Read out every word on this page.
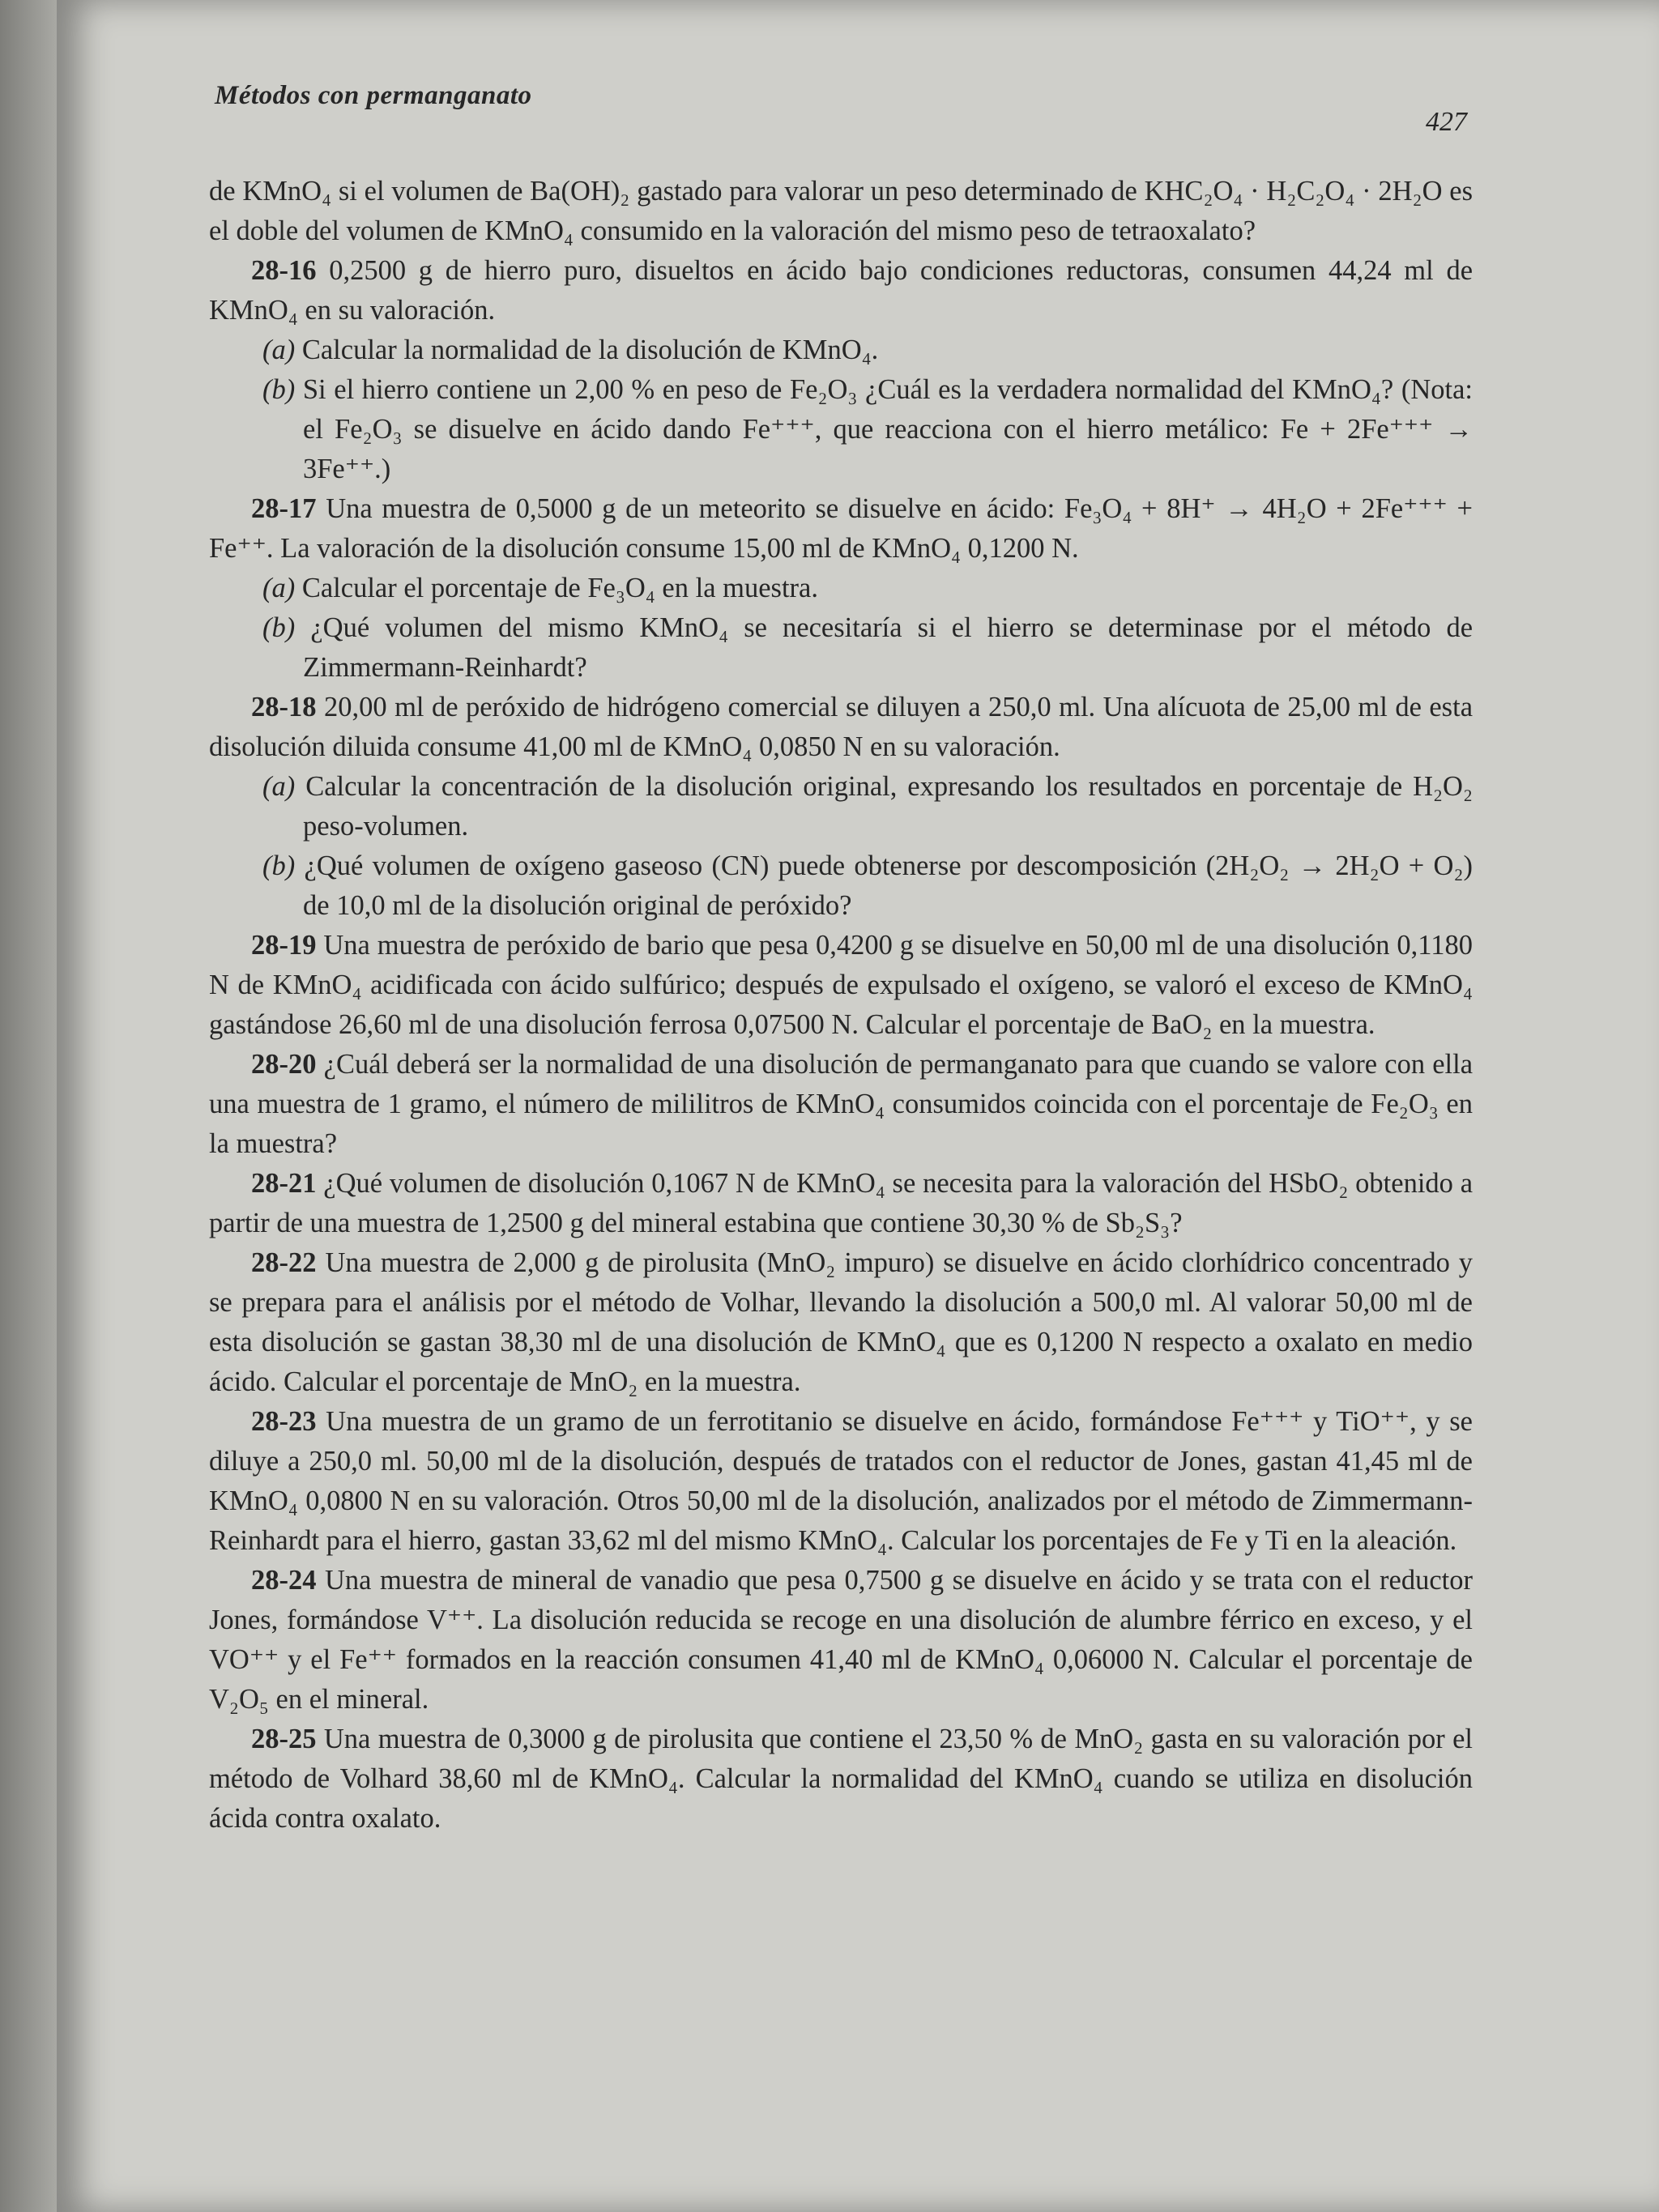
Métodos con permanganato
427

de KMnO₄ si el volumen de Ba(OH)₂ gastado para valorar un peso determinado de KHC₂O₄ · H₂C₂O₄ · 2H₂O es el doble del volumen de KMnO₄ consumido en la valoración del mismo peso de tetraoxalato?

28-16 0,2500 g de hierro puro, disueltos en ácido bajo condiciones reductoras, consumen 44,24 ml de KMnO₄ en su valoración.

(a) Calcular la normalidad de la disolución de KMnO₄.

(b) Si el hierro contiene un 2,00 % en peso de Fe₂O₃ ¿Cuál es la verdadera normalidad del KMnO₄? (Nota: el Fe₂O₃ se disuelve en ácido dando Fe⁺⁺⁺, que reacciona con el hierro metálico: Fe + 2Fe⁺⁺⁺ → 3Fe⁺⁺.)

28-17 Una muestra de 0,5000 g de un meteorito se disuelve en ácido: Fe₃O₄ + 8H⁺ → 4H₂O + 2Fe⁺⁺⁺ + Fe⁺⁺. La valoración de la disolución consume 15,00 ml de KMnO₄ 0,1200 N.

(a) Calcular el porcentaje de Fe₃O₄ en la muestra.

(b) ¿Qué volumen del mismo KMnO₄ se necesitaría si el hierro se determinase por el método de Zimmermann-Reinhardt?

28-18 20,00 ml de peróxido de hidrógeno comercial se diluyen a 250,0 ml. Una alícuota de 25,00 ml de esta disolución diluida consume 41,00 ml de KMnO₄ 0,0850 N en su valoración.

(a) Calcular la concentración de la disolución original, expresando los resultados en porcentaje de H₂O₂ peso-volumen.

(b) ¿Qué volumen de oxígeno gaseoso (CN) puede obtenerse por descomposición (2H₂O₂ → 2H₂O + O₂) de 10,0 ml de la disolución original de peróxido?

28-19 Una muestra de peróxido de bario que pesa 0,4200 g se disuelve en 50,00 ml de una disolución 0,1180 N de KMnO₄ acidificada con ácido sulfúrico; después de expulsado el oxígeno, se valoró el exceso de KMnO₄ gastándose 26,60 ml de una disolución ferrosa 0,07500 N. Calcular el porcentaje de BaO₂ en la muestra.

28-20 ¿Cuál deberá ser la normalidad de una disolución de permanganato para que cuando se valore con ella una muestra de 1 gramo, el número de mililitros de KMnO₄ consumidos coincida con el porcentaje de Fe₂O₃ en la muestra?

28-21 ¿Qué volumen de disolución 0,1067 N de KMnO₄ se necesita para la valoración del HSbO₂ obtenido a partir de una muestra de 1,2500 g del mineral estabina que contiene 30,30 % de Sb₂S₃?

28-22 Una muestra de 2,000 g de pirolusita (MnO₂ impuro) se disuelve en ácido clorhídrico concentrado y se prepara para el análisis por el método de Volhar, llevando la disolución a 500,0 ml. Al valorar 50,00 ml de esta disolución se gastan 38,30 ml de una disolución de KMnO₄ que es 0,1200 N respecto a oxalato en medio ácido. Calcular el porcentaje de MnO₂ en la muestra.

28-23 Una muestra de un gramo de un ferrotitanio se disuelve en ácido, formándose Fe⁺⁺⁺ y TiO⁺⁺, y se diluye a 250,0 ml. 50,00 ml de la disolución, después de tratados con el reductor de Jones, gastan 41,45 ml de KMnO₄ 0,0800 N en su valoración. Otros 50,00 ml de la disolución, analizados por el método de Zimmermann-Reinhardt para el hierro, gastan 33,62 ml del mismo KMnO₄. Calcular los porcentajes de Fe y Ti en la aleación.

28-24 Una muestra de mineral de vanadio que pesa 0,7500 g se disuelve en ácido y se trata con el reductor Jones, formándose V⁺⁺. La disolución reducida se recoge en una disolución de alumbre férrico en exceso, y el VO⁺⁺ y el Fe⁺⁺ formados en la reacción consumen 41,40 ml de KMnO₄ 0,06000 N. Calcular el porcentaje de V₂O₅ en el mineral.

28-25 Una muestra de 0,3000 g de pirolusita que contiene el 23,50 % de MnO₂ gasta en su valoración por el método de Volhard 38,60 ml de KMnO₄. Calcular la normalidad del KMnO₄ cuando se utiliza en disolución ácida contra oxalato.
